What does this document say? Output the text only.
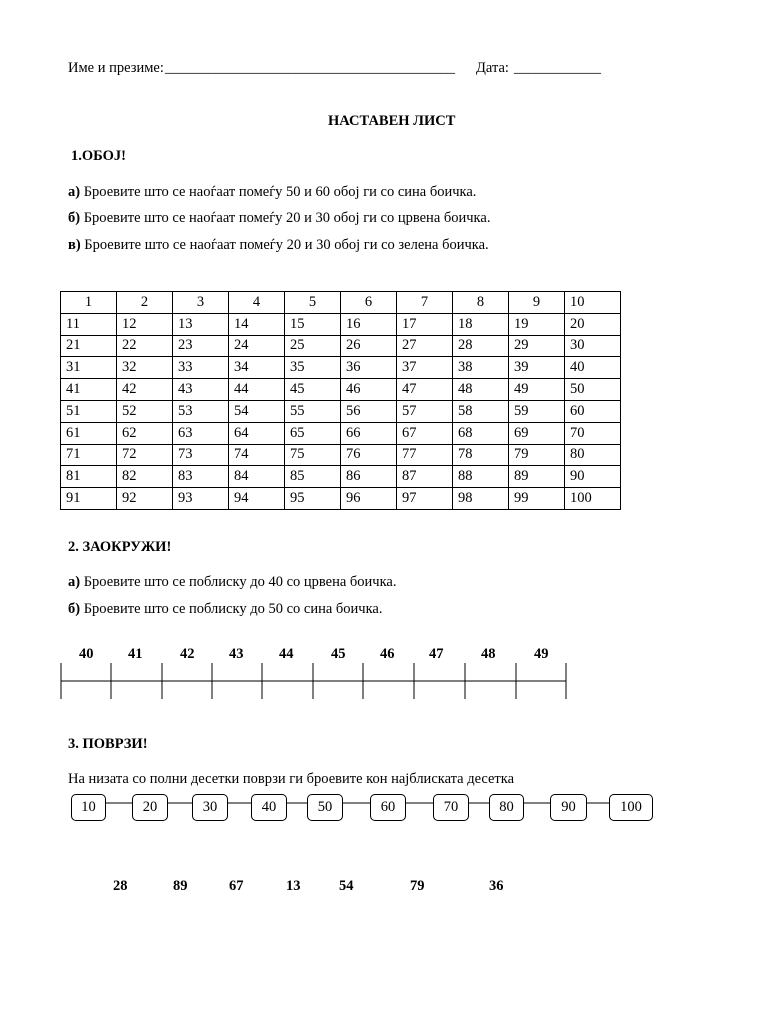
Име и презиме: ________________________________________ Дата: ____________
НАСТАВЕН ЛИСТ
1.ОБОЈ!
а) Броевите што се наоѓаат помеѓу 50 и 60 обој ги со сина боичка.
б) Броевите што се наоѓаат помеѓу 20 и 30 обој ги со црвена боичка.
в) Броевите што се наоѓаат помеѓу 20 и 30 обој ги со зелена боичка.
1	2	3	4	5	6	7	8	9	10
11	12	13	14	15	16	17	18	19	20
21	22	23	24	25	26	27	28	29	30
31	32	33	34	35	36	37	38	39	40
41	42	43	44	45	46	47	48	49	50
51	52	53	54	55	56	57	58	59	60
61	62	63	64	65	66	67	68	69	70
71	72	73	74	75	76	77	78	79	80
81	82	83	84	85	86	87	88	89	90
91	92	93	94	95	96	97	98	99	100
2. ЗАОКРУЖИ!
а) Броевите што се поблиску до 40 со црвена боичка.
б) Броевите што се поблиску до 50 со сина боичка.
40 41	42 43 44	45 46 47	48	49
3. ПОВРЗИ!
На низата со полни десетки поврзи ги броевите кон најблиската десетка
10	20	30	40	50	60	70	80	90	100
28	89	67	13	54	79	36
